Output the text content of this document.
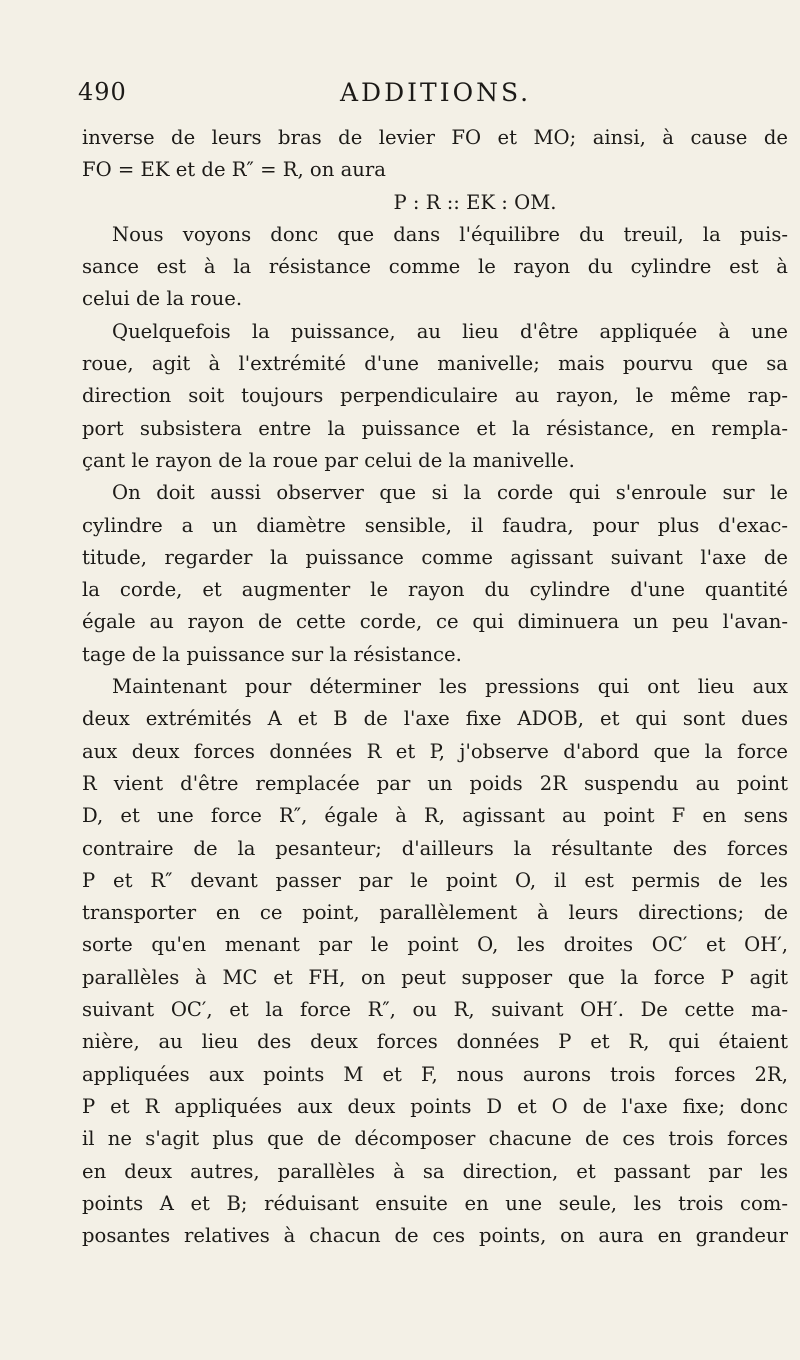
490	ADDITIONS.
inverse de leurs bras de levier FO et MO; ainsi, à cause de
FO = EK et de R″ = R, on aura
P : R :: EK : OM.
Nous voyons donc que dans l'équilibre du treuil, la puis-
sance est à la résistance comme le rayon du cylindre est à
celui de la roue.
Quelquefois la puissance, au lieu d'être appliquée à une
roue, agit à l'extrémité d'une manivelle; mais pourvu que sa
direction soit toujours perpendiculaire au rayon, le même rap-
port subsistera entre la puissance et la résistance, en rempla-
çant le rayon de la roue par celui de la manivelle.
On doit aussi observer que si la corde qui s'enroule sur le
cylindre a un diamètre sensible, il faudra, pour plus d'exac-
titude, regarder la puissance comme agissant suivant l'axe de
la corde, et augmenter le rayon du cylindre d'une quantité
égale au rayon de cette corde, ce qui diminuera un peu l'avan-
tage de la puissance sur la résistance.
Maintenant pour déterminer les pressions qui ont lieu aux
deux extrémités A et B de l'axe fixe ADOB, et qui sont dues
aux deux forces données R et P, j'observe d'abord que la force
R vient d'être remplacée par un poids 2R suspendu au point
D, et une force R″, égale à R, agissant au point F en sens
contraire de la pesanteur; d'ailleurs la résultante des forces
P et R″ devant passer par le point O, il est permis de les
transporter en ce point, parallèlement à leurs directions; de
sorte qu'en menant par le point O, les droites OC′ et OH′,
parallèles à MC et FH, on peut supposer que la force P agit
suivant OC′, et la force R″, ou R, suivant OH′. De cette ma-
nière, au lieu des deux forces données P et R, qui étaient
appliquées aux points M et F, nous aurons trois forces 2R,
P et R appliquées aux deux points D et O de l'axe fixe; donc
il ne s'agit plus que de décomposer chacune de ces trois forces
en deux autres, parallèles à sa direction, et passant par les
points A et B; réduisant ensuite en une seule, les trois com-
posantes relatives à chacun de ces points, on aura en grandeur
